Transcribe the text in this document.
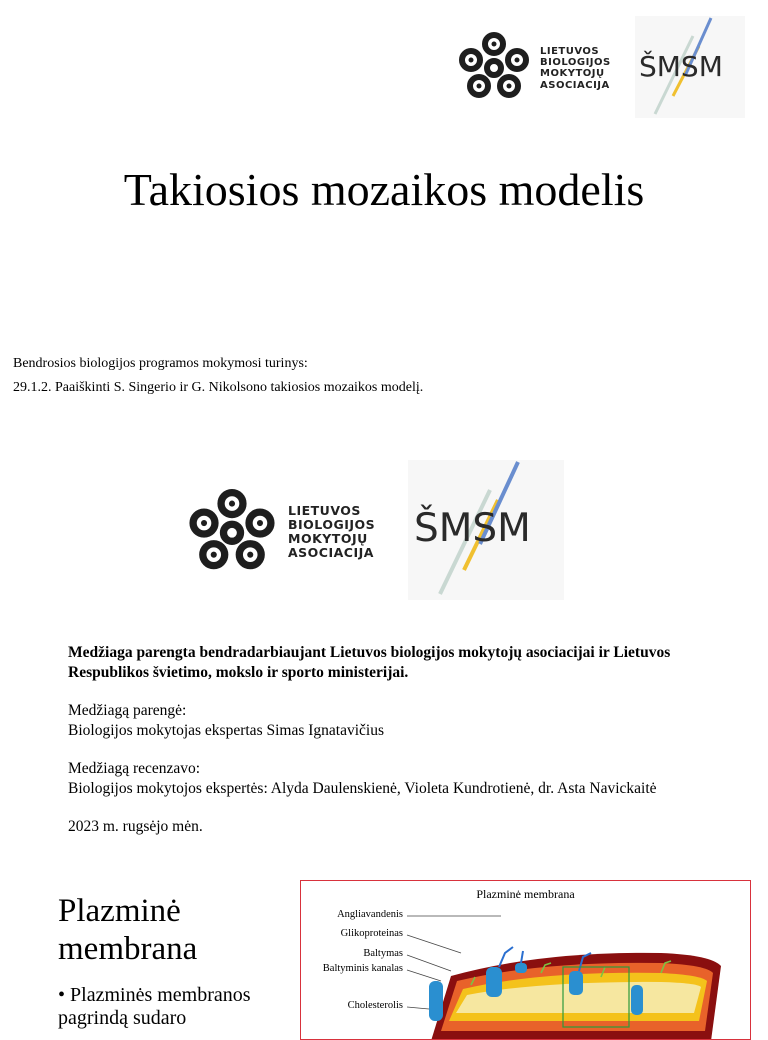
LIETUVOS
BIOLOGIJOS
MOKYTOJŲ
ASOCIACIJA
ŠMSM
Takiosios mozaikos modelis
Bendrosios biologijos programos mokymosi turinys:
29.1.2. Paaiškinti S. Singerio ir G. Nikolsono takiosios mozaikos modelį.
LIETUVOS
BIOLOGIJOS
MOKYTOJŲ
ASOCIACIJA
ŠMSM

Medžiaga parengta bendradarbiaujant Lietuvos biologijos mokytojų asociacijai ir Lietuvos Respublikos švietimo, mokslo ir sporto ministerijai.

Medžiagą parengė:
Biologijos mokytojas ekspertas Simas Ignatavičius

Medžiagą recenzavo:
Biologijos mokytojos ekspertės: Alyda Daulenskienė, Violeta Kundrotienė, dr. Asta Navickaitė

2023 m. rugsėjo mėn.

Plazminė membrana
• Plazminės membranos pagrindą sudaro
Plazminė membrana
Angliavandenis
Glikoproteinas
Baltymas
Baltyminis kanalas
Cholesterolis
